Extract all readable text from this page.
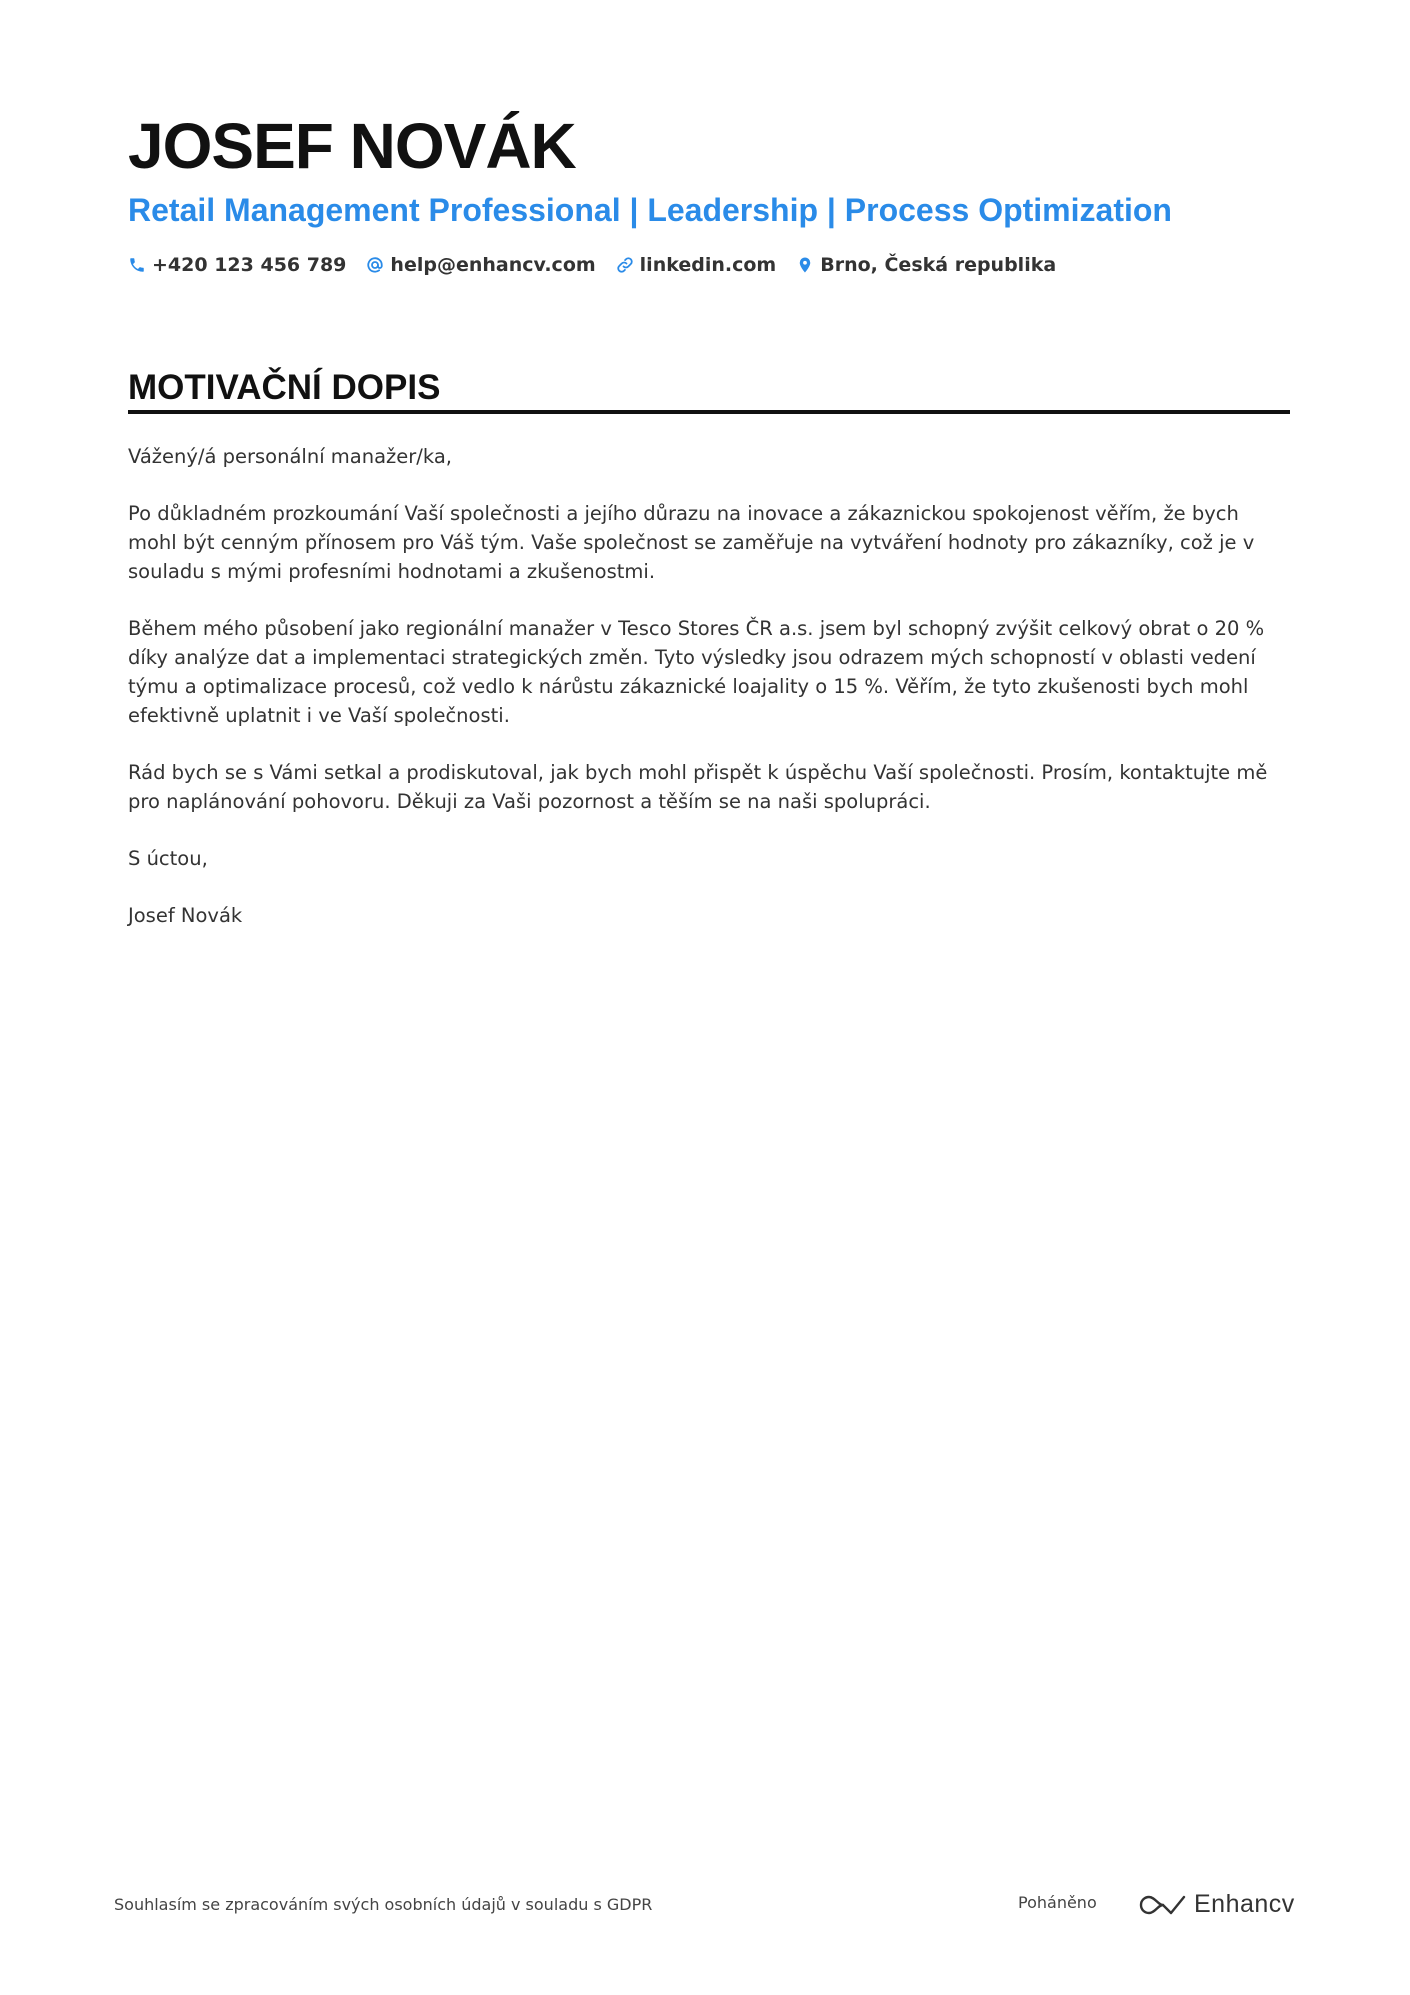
JOSEF NOVÁK
Retail Management Professional | Leadership | Process Optimization
+420 123 456 789 help@enhancv.com linkedin.com Brno, Česká republika
MOTIVAČNÍ DOPIS

Vážený/á personální manažer/ka,

Po důkladném prozkoumání Vaší společnosti a jejího důrazu na inovace a zákaznickou spokojenost věřím, že bych mohl být cenným přínosem pro Váš tým. Vaše společnost se zaměřuje na vytváření hodnoty pro zákazníky, což je v souladu s mými profesními hodnotami a zkušenostmi.

Během mého působení jako regionální manažer v Tesco Stores ČR a.s. jsem byl schopný zvýšit celkový obrat o 20 % díky analýze dat a implementaci strategických změn. Tyto výsledky jsou odrazem mých schopností v oblasti vedení týmu a optimalizace procesů, což vedlo k nárůstu zákaznické loajality o 15 %. Věřím, že tyto zkušenosti bych mohl efektivně uplatnit i ve Vaší společnosti.

Rád bych se s Vámi setkal a prodiskutoval, jak bych mohl přispět k úspěchu Vaší společnosti. Prosím, kontaktujte mě pro naplánování pohovoru. Děkuji za Vaši pozornost a těším se na naši spolupráci.

S úctou,

Josef Novák

Souhlasím se zpracováním svých osobních údajů v souladu s GDPR	Poháněno	Enhancv
